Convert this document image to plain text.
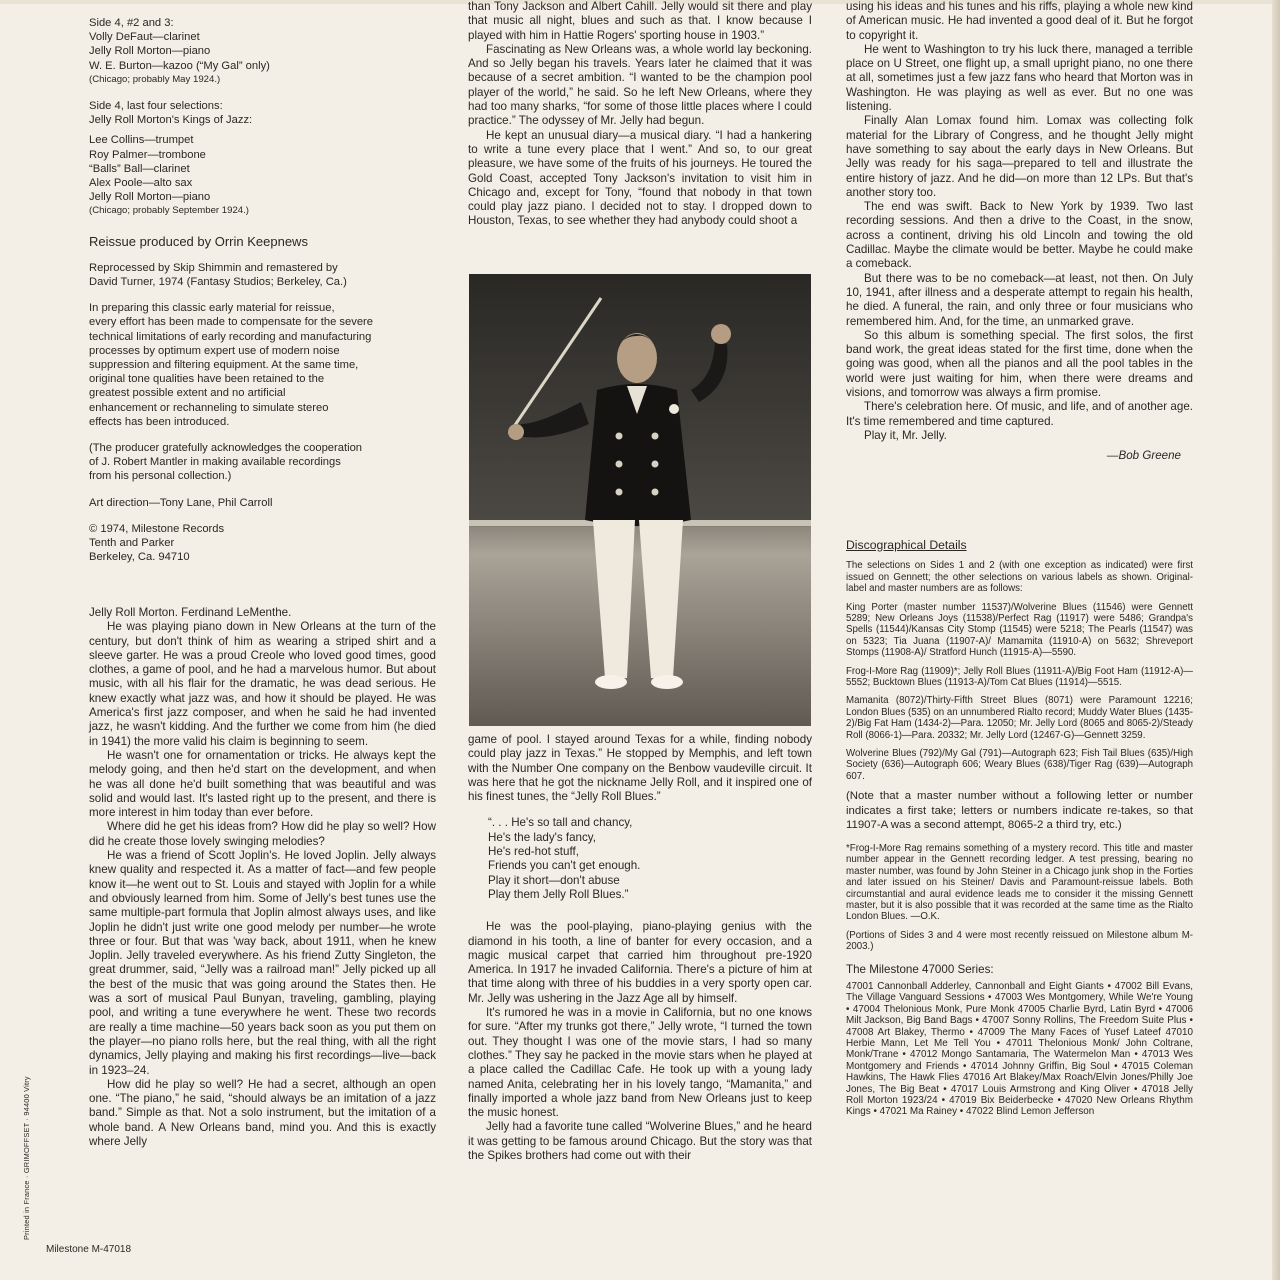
Side 4, #2 and 3:
Volly DeFaut—clarinet
Jelly Roll Morton—piano
W. E. Burton—kazoo (“My Gal” only)
(Chicago; probably May 1924.)
Side 4, last four selections:
Jelly Roll Morton's Kings of Jazz:
Lee Collins—trumpet
Roy Palmer—trombone
“Balls” Ball—clarinet
Alex Poole—alto sax
Jelly Roll Morton—piano
(Chicago; probably September 1924.)
Reissue produced by Orrin Keepnews
Reprocessed by Skip Shimmin and remastered by
David Turner, 1974 (Fantasy Studios; Berkeley, Ca.)
In preparing this classic early material for reissue,
every effort has been made to compensate for the severe
technical limitations of early recording and manufacturing
processes by optimum expert use of modern noise
suppression and filtering equipment. At the same time,
original tone qualities have been retained to the
greatest possible extent and no artificial
enhancement or rechanneling to simulate stereo
effects has been introduced.
(The producer gratefully acknowledges the cooperation
of J. Robert Mantler in making available recordings
from his personal collection.)
Art direction—Tony Lane, Phil Carroll
© 1974, Milestone Records
Tenth and Parker
Berkeley, Ca. 94710

Jelly Roll Morton. Ferdinand LeMenthe.

He was playing piano down in New Orleans at the turn of the century, but don't think of him as wearing a striped shirt and a sleeve garter. He was a proud Creole who loved good times, good clothes, a game of pool, and he had a marvelous humor. But about music, with all his flair for the dramatic, he was dead serious. He knew exactly what jazz was, and how it should be played. He was America's first jazz composer, and when he said he had invented jazz, he wasn't kidding. And the further we come from him (he died in 1941) the more valid his claim is beginning to seem.

He wasn't one for ornamentation or tricks. He always kept the melody going, and then he'd start on the development, and when he was all done he'd built something that was beautiful and was solid and would last. It's lasted right up to the present, and there is more interest in him today than ever before.

Where did he get his ideas from? How did he play so well? How did he create those lovely swinging melodies?

He was a friend of Scott Joplin's. He loved Joplin. Jelly always knew quality and respected it. As a matter of fact—and few people know it—he went out to St. Louis and stayed with Joplin for a while and obviously learned from him. Some of Jelly's best tunes use the same multiple-part formula that Joplin almost always uses, and like Joplin he didn't just write one good melody per number—he wrote three or four. But that was 'way back, about 1911, when he knew Joplin. Jelly traveled everywhere. As his friend Zutty Singleton, the great drummer, said, “Jelly was a railroad man!” Jelly picked up all the best of the music that was going around the States then. He was a sort of musical Paul Bunyan, traveling, gambling, playing pool, and writing a tune everywhere he went. These two records are really a time machine—50 years back soon as you put them on the player—no piano rolls here, but the real thing, with all the right dynamics, Jelly playing and making his first recordings—live—back in 1923–24.

How did he play so well? He had a secret, although an open one. “The piano,” he said, “should always be an imitation of a jazz band.” Simple as that. Not a solo instrument, but the imitation of a whole band. A New Orleans band, mind you. And this is exactly where Jelly

than Tony Jackson and Albert Cahill. Jelly would sit there and play that music all night, blues and such as that. I know because I played with him in Hattie Rogers' sporting house in 1903.”

Fascinating as New Orleans was, a whole world lay beckoning. And so Jelly began his travels. Years later he claimed that it was because of a secret ambition. “I wanted to be the champion pool player of the world,” he said. So he left New Orleans, where they had too many sharks, “for some of those little places where I could practice.” The odyssey of Mr. Jelly had begun.

He kept an unusual diary—a musical diary. “I had a hankering to write a tune every place that I went.” And so, to our great pleasure, we have some of the fruits of his journeys. He toured the Gold Coast, accepted Tony Jackson's invitation to visit him in Chicago and, except for Tony, “found that nobody in that town could play jazz piano. I decided not to stay. I dropped down to Houston, Texas, to see whether they had anybody could shoot a

game of pool. I stayed around Texas for a while, finding nobody could play jazz in Texas.” He stopped by Memphis, and left town with the Number One company on the Benbow vaudeville circuit. It was here that he got the nickname Jelly Roll, and it inspired one of his finest tunes, the “Jelly Roll Blues.”

“. . . He's so tall and chancy,
He's the lady's fancy,
He's red-hot stuff,
Friends you can't get enough.
Play it short—don't abuse
Play them Jelly Roll Blues.”

He was the pool-playing, piano-playing genius with the diamond in his tooth, a line of banter for every occasion, and a magic musical carpet that carried him throughout pre-1920 America. In 1917 he invaded California. There's a picture of him at that time along with three of his buddies in a very sporty open car. Mr. Jelly was ushering in the Jazz Age all by himself.

It's rumored he was in a movie in California, but no one knows for sure. “After my trunks got there,” Jelly wrote, “I turned the town out. They thought I was one of the movie stars, I had so many clothes.” They say he packed in the movie stars when he played at a place called the Cadillac Cafe. He took up with a young lady named Anita, celebrating her in his lovely tango, “Mamanita,” and finally imported a whole jazz band from New Orleans just to keep the music honest.

Jelly had a favorite tune called “Wolverine Blues,” and he heard it was getting to be famous around Chicago. But the story was that the Spikes brothers had come out with their

using his ideas and his tunes and his riffs, playing a whole new kind of American music. He had invented a good deal of it. But he forgot to copyright it.

He went to Washington to try his luck there, managed a terrible place on U Street, one flight up, a small upright piano, no one there at all, sometimes just a few jazz fans who heard that Morton was in Washington. He was playing as well as ever. But no one was listening.

Finally Alan Lomax found him. Lomax was collecting folk material for the Library of Congress, and he thought Jelly might have something to say about the early days in New Orleans. But Jelly was ready for his saga—prepared to tell and illustrate the entire history of jazz. And he did—on more than 12 LPs. But that's another story too.

The end was swift. Back to New York by 1939. Two last recording sessions. And then a drive to the Coast, in the snow, across a continent, driving his old Lincoln and towing the old Cadillac. Maybe the climate would be better. Maybe he could make a comeback.

But there was to be no comeback—at least, not then. On July 10, 1941, after illness and a desperate attempt to regain his health, he died. A funeral, the rain, and only three or four musicians who remembered him. And, for the time, an unmarked grave.

So this album is something special. The first solos, the first band work, the great ideas stated for the first time, done when the going was good, when all the pianos and all the pool tables in the world were just waiting for him, when there were dreams and visions, and tomorrow was always a firm promise.

There's celebration here. Of music, and life, and of another age. It's time remembered and time captured.

Play it, Mr. Jelly.

—Bob Greene
Discographical Details

The selections on Sides 1 and 2 (with one exception as indicated) were first issued on Gennett; the other selections on various labels as shown. Original-label and master numbers are as follows:

King Porter (master number 11537)/Wolverine Blues (11546) were Gennett 5289; New Orleans Joys (11538)/Perfect Rag (11917) were 5486; Grandpa's Spells (11544)/Kansas City Stomp (11545) were 5218; The Pearls (11547) was on 5323; Tia Juana (11907-A)/ Mamamita (11910-A) on 5632; Shreveport Stomps (11908-A)/ Stratford Hunch (11915-A)—5590.

Frog-I-More Rag (11909)*; Jelly Roll Blues (11911-A)/Big Foot Ham (11912-A)—5552; Bucktown Blues (11913-A)/Tom Cat Blues (11914)—5515.

Mamanita (8072)/Thirty-Fifth Street Blues (8071) were Paramount 12216; London Blues (535) on an unnumbered Rialto record; Muddy Water Blues (1435-2)/Big Fat Ham (1434-2)—Para. 12050; Mr. Jelly Lord (8065 and 8065-2)/Steady Roll (8066-1)—Para. 20332; Mr. Jelly Lord (12467-G)—Gennett 3259.

Wolverine Blues (792)/My Gal (791)—Autograph 623; Fish Tail Blues (635)/High Society (636)—Autograph 606; Weary Blues (638)/Tiger Rag (639)—Autograph 607.

(Note that a master number without a following letter or number indicates a first take; letters or numbers indicate re-takes, so that 11907-A was a second attempt, 8065-2 a third try, etc.)

*Frog-I-More Rag remains something of a mystery record. This title and master number appear in the Gennett recording ledger. A test pressing, bearing no master number, was found by John Steiner in a Chicago junk shop in the Forties and later issued on his Steiner/ Davis and Paramount-reissue labels. Both circumstantial and aural evidence leads me to consider it the missing Gennett master, but it is also possible that it was recorded at the same time as the Rialto London Blues. —O.K.

(Portions of Sides 3 and 4 were most recently reissued on Milestone album M-2003.)

The Milestone 47000 Series:
47001 Cannonball Adderley, Cannonball and Eight Giants • 47002 Bill Evans, The Village Vanguard Sessions • 47003 Wes Montgomery, While We're Young • 47004 Thelonious Monk, Pure Monk 47005 Charlie Byrd, Latin Byrd • 47006 Milt Jackson, Big Band Bags • 47007 Sonny Rollins, The Freedom Suite Plus • 47008 Art Blakey, Thermo • 47009 The Many Faces of Yusef Lateef 47010 Herbie Mann, Let Me Tell You • 47011 Thelonious Monk/ John Coltrane, Monk/Trane • 47012 Mongo Santamaria, The Watermelon Man • 47013 Wes Montgomery and Friends • 47014 Johnny Griffin, Big Soul • 47015 Coleman Hawkins, The Hawk Flies 47016 Art Blakey/Max Roach/Elvin Jones/Philly Joe Jones, The Big Beat • 47017 Louis Armstrong and King Oliver • 47018 Jelly Roll Morton 1923/24 • 47019 Bix Beiderbecke • 47020 New Orleans Rhythm Kings • 47021 Ma Rainey • 47022 Blind Lemon Jefferson
Printed in France · GRIMOFFSET · 94400 Vitry
Milestone M-47018
